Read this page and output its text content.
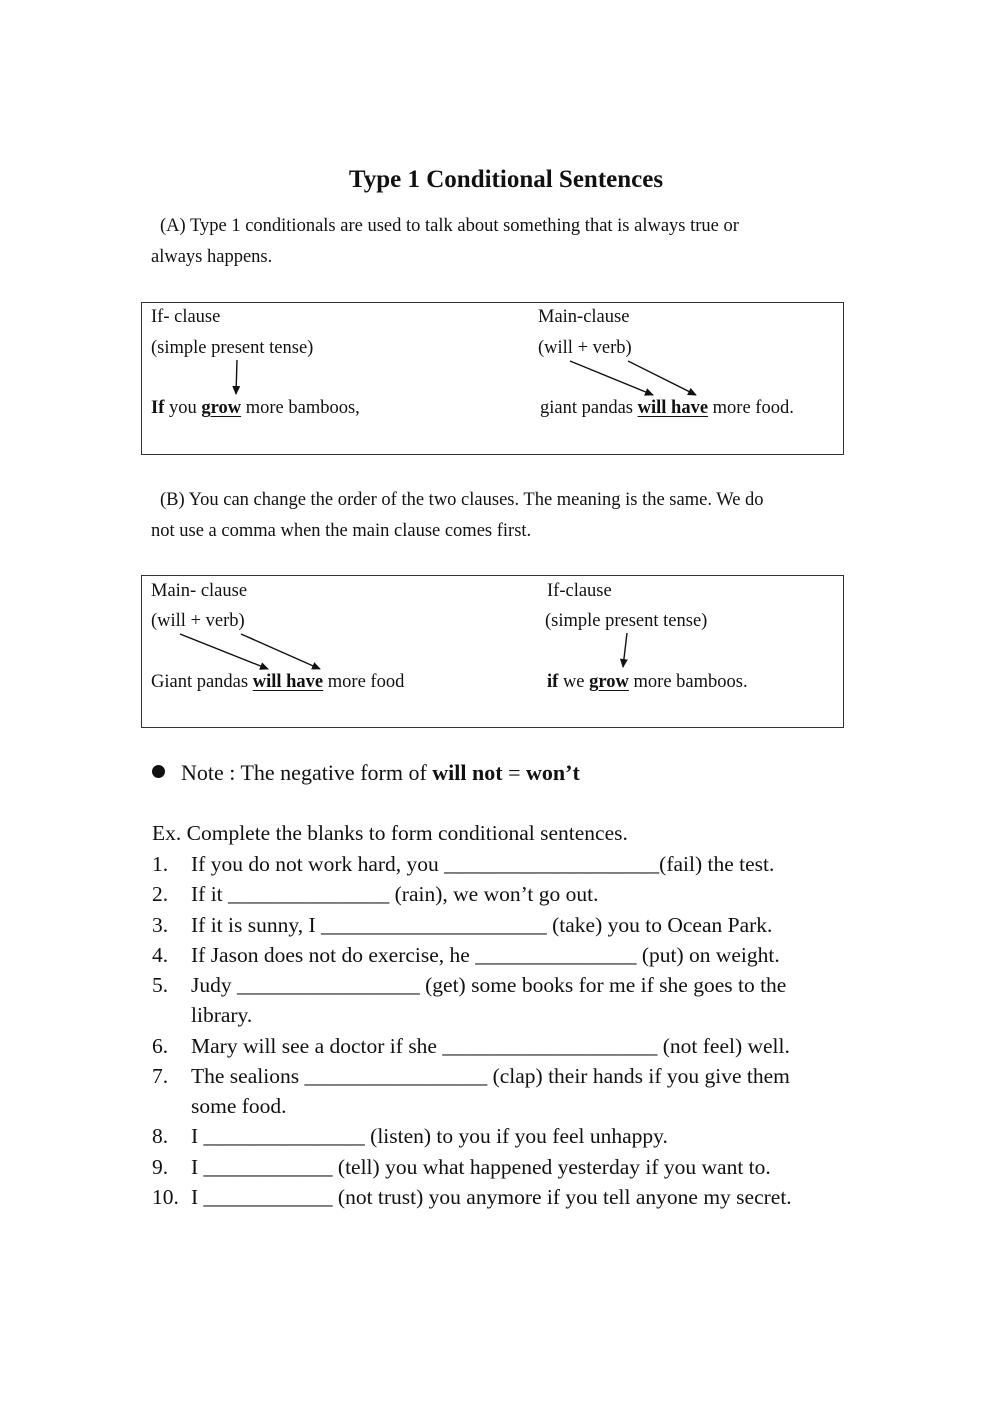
Type 1 Conditional Sentences
(A) Type 1 conditionals are used to talk about something that is always true or
always happens.
If- clause
(simple present tense)
Main-clause
(will + verb)
If you grow more bamboos,	giant pandas will have more food.
(B) You can change the order of the two clauses. The meaning is the same. We do
not use a comma when the main clause comes first.
Main- clause
(will + verb)
If-clause
(simple present tense)
Giant pandas will have more food	if we grow more bamboos.
Note : The negative form of will not = won’t
Ex. Complete the blanks to form conditional sentences.
1.	If you do not work hard, you ____________________(fail) the test.
2.	If it _______________ (rain), we won’t go out.
3.	If it is sunny, I _____________________ (take) you to Ocean Park.
4.	If Jason does not do exercise, he _______________ (put) on weight.
5.	Judy _________________ (get) some books for me if she goes to the
library.
6.	Mary will see a doctor if she ____________________ (not feel) well.
7.	The sealions _________________ (clap) their hands if you give them
some food.
8.	I _______________ (listen) to you if you feel unhappy.
9.	I ____________ (tell) you what happened yesterday if you want to.
10. I ____________ (not trust) you anymore if you tell anyone my secret.
